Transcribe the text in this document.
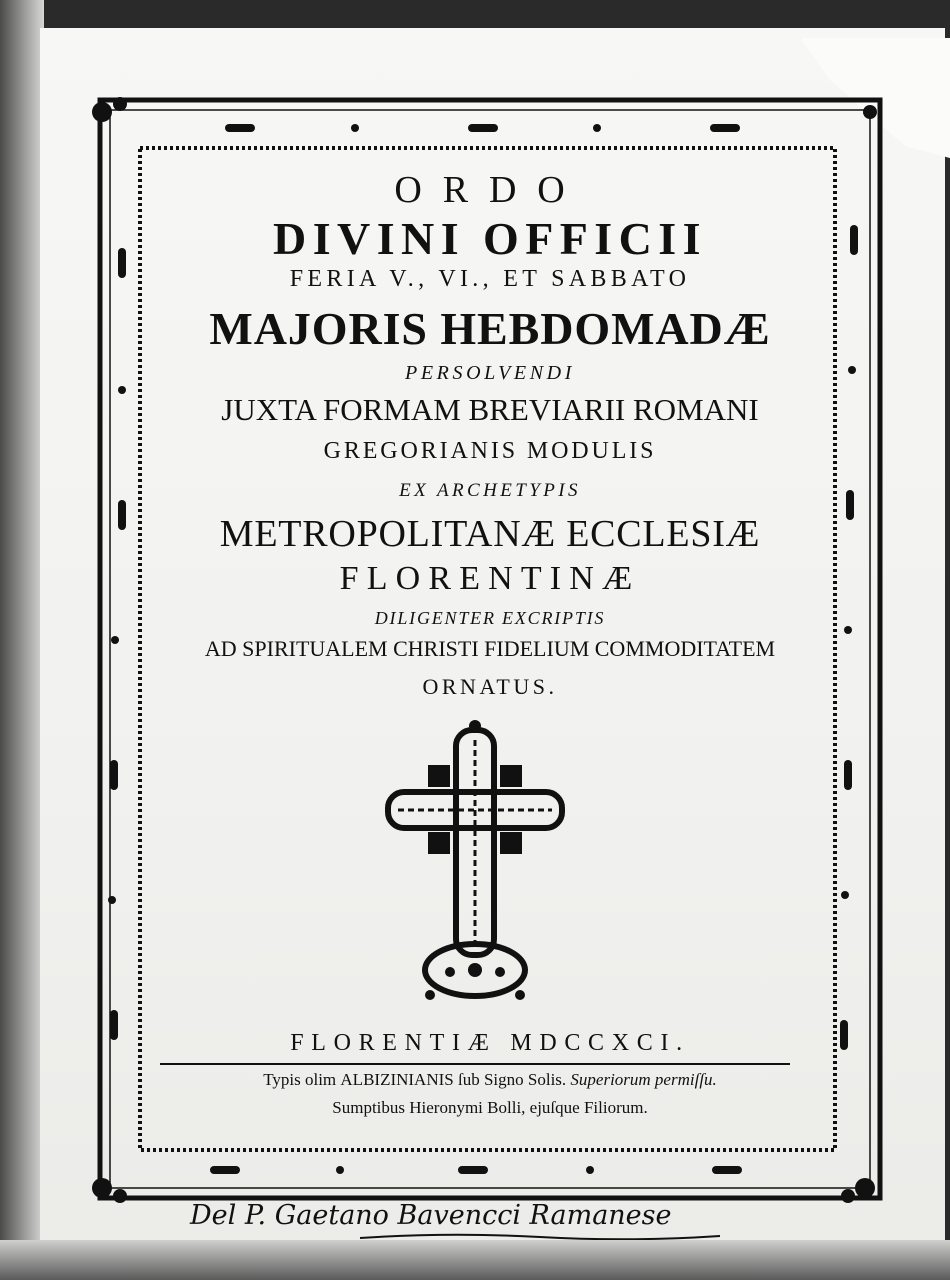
ORDO
DIVINI OFFICII
FERIA V., VI., ET SABBATO
MAJORIS HEBDOMADÆ
PERSOLVENDI
JUXTA FORMAM BREVIARII ROMANI
GREGORIANIS MODULIS
EX ARCHETYPIS
METROPOLITANÆ ECCLESIÆ
FLORENTINÆ
DILIGENTER EXCRIPTIS
AD SPIRITUALEM CHRISTI FIDELIUM COMMODITATEM
ORNATUS.
FLORENTIÆ MDCCXCI.
Typis olim ALBIZINIANIS ſub Signo Solis. Superiorum permiſſu.
Sumptibus Hieronymi Bolli, ejuſque Filiorum.
Del P. Gaetano Bavencci Ramanese
